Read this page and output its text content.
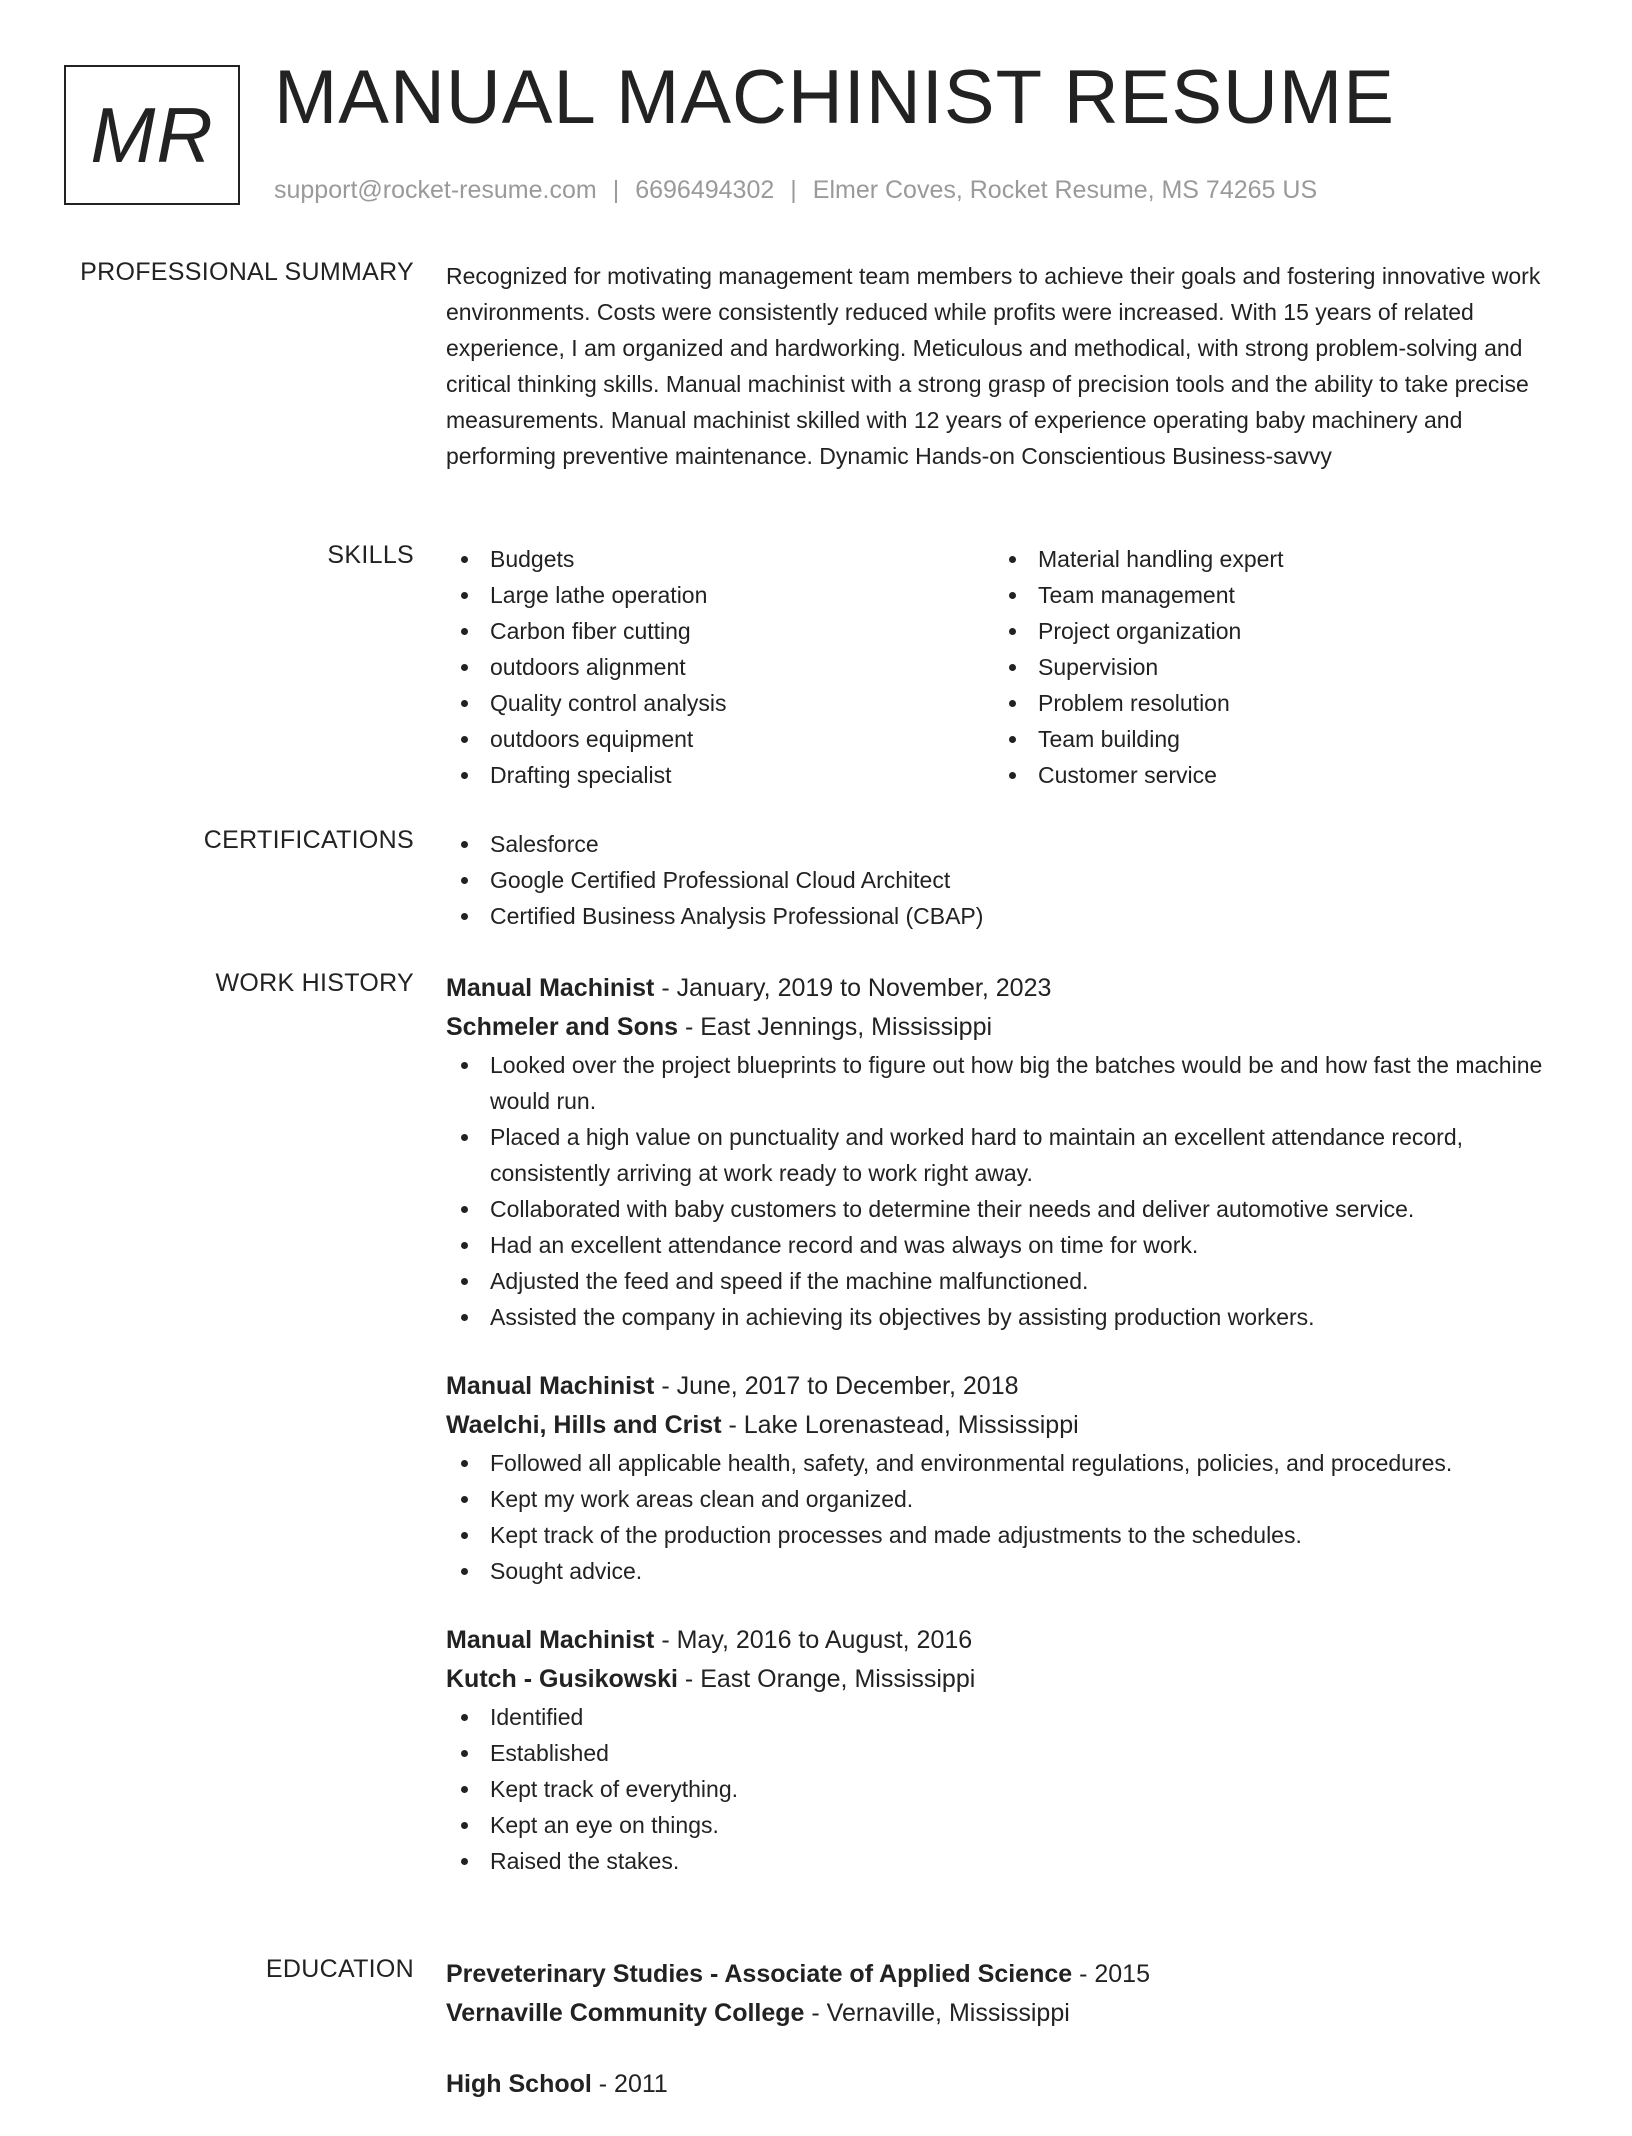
MR MANUAL MACHINIST RESUME
support@rocket-resume.com | 6696494302 | Elmer Coves, Rocket Resume, MS 74265 US
PROFESSIONAL SUMMARY Recognized for motivating management team members to achieve their goals and fostering innovative work environments. Costs were consistently reduced while profits were increased. With 15 years of related experience, I am organized and hardworking. Meticulous and methodical, with strong problem-solving and critical thinking skills. Manual machinist with a strong grasp of precision tools and the ability to take precise measurements. Manual machinist skilled with 12 years of experience operating baby machinery and performing preventive maintenance. Dynamic Hands-on Conscientious Business-savvy

SKILLS	Budgets
Large lathe operation
Carbon fiber cutting
outdoors alignment
Quality control analysis
outdoors equipment
Drafting specialist
Material handling expert
Team management
Project organization
Supervision
Problem resolution
Team building
Customer service
CERTIFICATIONS	Salesforce
Google Certified Professional Cloud Architect
Certified Business Analysis Professional (CBAP)
WORK HISTORY Manual Machinist - January, 2019 to November, 2023
Schmeler and Sons - East Jennings, Mississippi
Looked over the project blueprints to figure out how big the batches would be and how fast the machine would run.
Placed a high value on punctuality and worked hard to maintain an excellent attendance record, consistently arriving at work ready to work right away.
Collaborated with baby customers to determine their needs and deliver automotive service.
Had an excellent attendance record and was always on time for work.
Adjusted the feed and speed if the machine malfunctioned.
Assisted the company in achieving its objectives by assisting production workers.
Manual Machinist - June, 2017 to December, 2018
Waelchi, Hills and Crist - Lake Lorenastead, Mississippi
Followed all applicable health, safety, and environmental regulations, policies, and procedures.
Kept my work areas clean and organized.
Kept track of the production processes and made adjustments to the schedules.
Sought advice.
Manual Machinist - May, 2016 to August, 2016
Kutch - Gusikowski - East Orange, Mississippi
Identified
Established
Kept track of everything.
Kept an eye on things.
Raised the stakes.
EDUCATION Preveterinary Studies - Associate of Applied Science - 2015
Vernaville Community College - Vernaville, Mississippi
High School - 2011
